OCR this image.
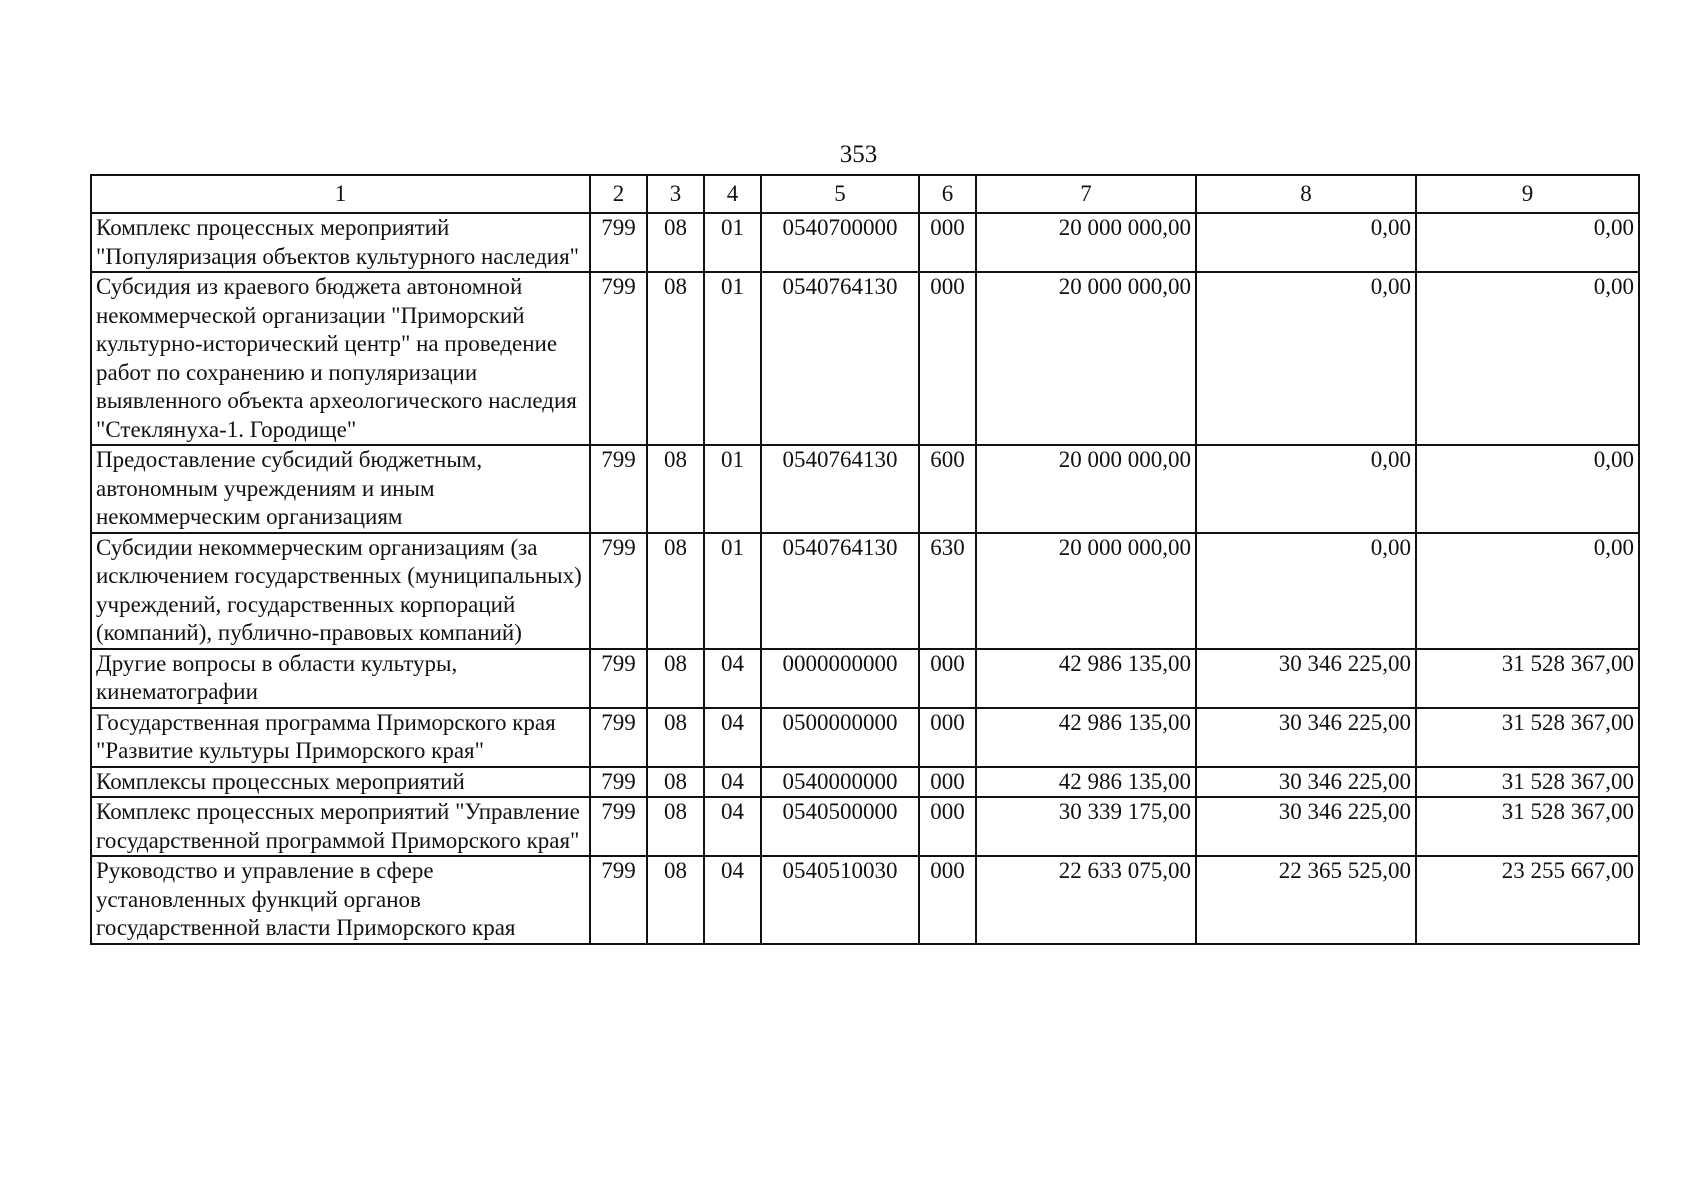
353
1	2	3	4	5	6	7	8	9
Комплекс процессных мероприятий "Популяризация объектов культурного наследия"	799	08	01	0540700000	000	20 000 000,00	0,00	0,00
Субсидия из краевого бюджета автономной некоммерческой организации "Приморский культурно-исторический центр" на проведение работ по сохранению и популяризации выявленного объекта археологического наследия "Стеклянуха-1. Городище"	799	08	01	0540764130	000	20 000 000,00	0,00	0,00
Предоставление субсидий бюджетным, автономным учреждениям и иным некоммерческим организациям	799	08	01	0540764130	600	20 000 000,00	0,00	0,00
Субсидии некоммерческим организациям (за исключением государственных (муниципальных) учреждений, государственных корпораций (компаний), публично-правовых компаний)	799	08	01	0540764130	630	20 000 000,00	0,00	0,00
Другие вопросы в области культуры, кинематографии	799	08	04	0000000000	000	42 986 135,00	30 346 225,00	31 528 367,00
Государственная программа Приморского края "Развитие культуры Приморского края"	799	08	04	0500000000	000	42 986 135,00	30 346 225,00	31 528 367,00
Комплексы процессных мероприятий	799	08	04	0540000000	000	42 986 135,00	30 346 225,00	31 528 367,00
Комплекс процессных мероприятий "Управление государственной программой Приморского края"	799	08	04	0540500000	000	30 339 175,00	30 346 225,00	31 528 367,00
Руководство и управление в сфере установленных функций органов государственной власти Приморского края	799	08	04	0540510030	000	22 633 075,00	22 365 525,00	23 255 667,00
